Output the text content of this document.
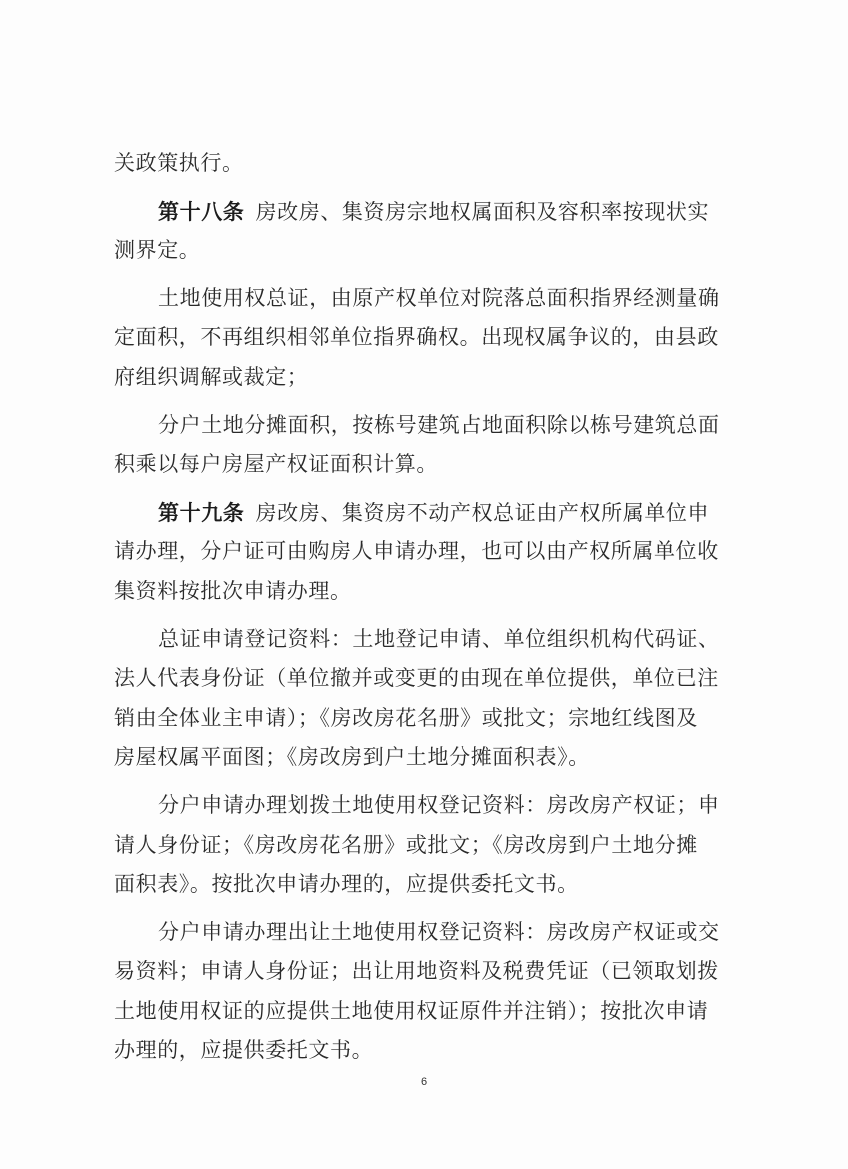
关政策执行。
第十八条  房改房、集资房宗地权属面积及容积率按现状实
测界定。
土地使用权总证，由原产权单位对院落总面积指界经测量确
定面积，不再组织相邻单位指界确权。出现权属争议的，由县政
府组织调解或裁定；
分户土地分摊面积，按栋号建筑占地面积除以栋号建筑总面
积乘以每户房屋产权证面积计算。
第十九条  房改房、集资房不动产权总证由产权所属单位申
请办理，分户证可由购房人申请办理，也可以由产权所属单位收
集资料按批次申请办理。
总证申请登记资料：土地登记申请、单位组织机构代码证、
法人代表身份证（单位撤并或变更的由现在单位提供，单位已注
销由全体业主申请）；《房改房花名册》或批文；宗地红线图及
房屋权属平面图；《房改房到户土地分摊面积表》。
分户申请办理划拨土地使用权登记资料：房改房产权证；申
请人身份证；《房改房花名册》或批文；《房改房到户土地分摊
面积表》。按批次申请办理的，应提供委托文书。
分户申请办理出让土地使用权登记资料：房改房产权证或交
易资料；申请人身份证；出让用地资料及税费凭证（已领取划拨
土地使用权证的应提供土地使用权证原件并注销）；按批次申请
办理的，应提供委托文书。
6
